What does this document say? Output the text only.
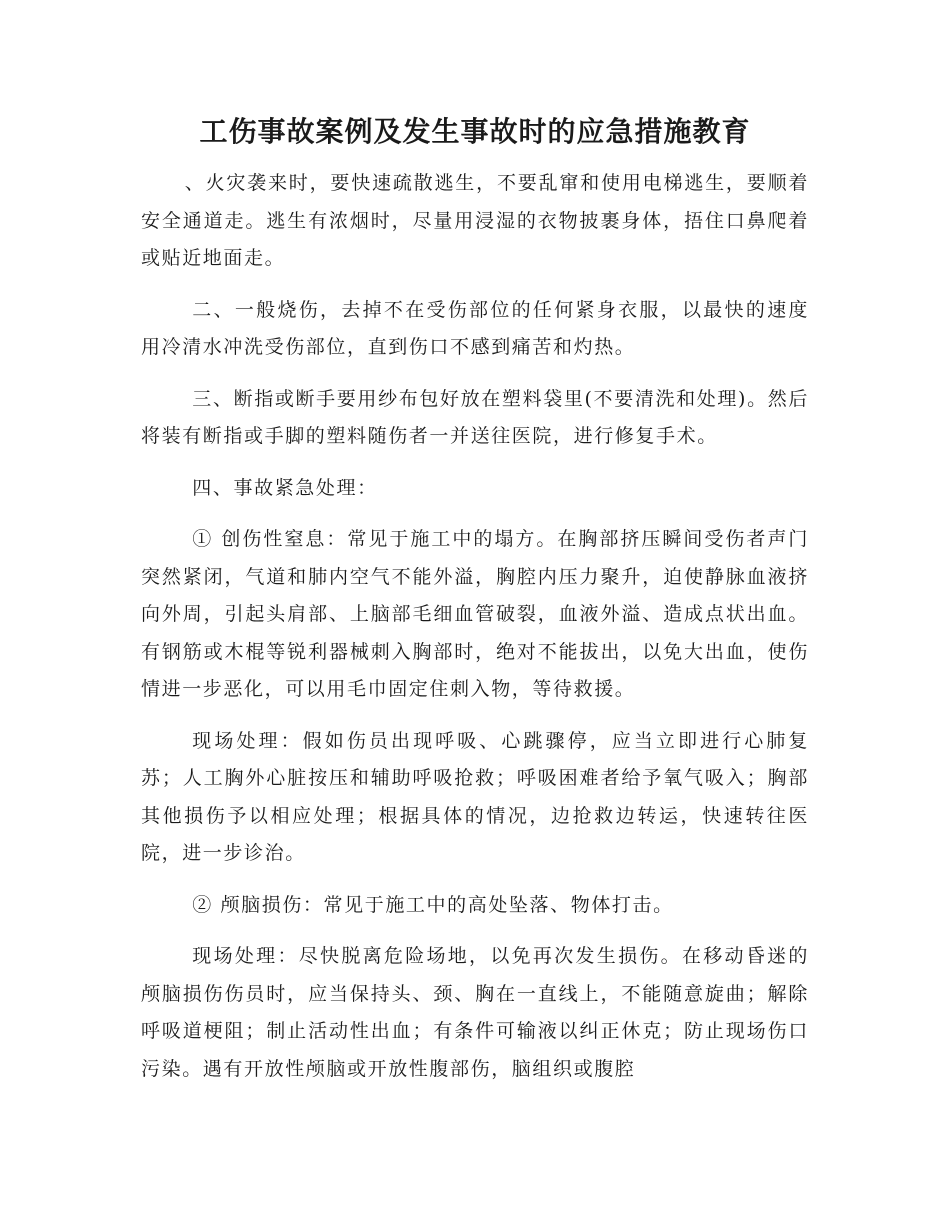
工伤事故案例及发生事故时的应急措施教育

、火灾袭来时，要快速疏散逃生，不要乱窜和使用电梯逃生，要顺着安全通道走。逃生有浓烟时，尽量用浸湿的衣物披裹身体，捂住口鼻爬着或贴近地面走。

二、一般烧伤，去掉不在受伤部位的任何紧身衣服，以最快的速度用冷清水冲洗受伤部位，直到伤口不感到痛苦和灼热。

三、断指或断手要用纱布包好放在塑料袋里(不要清洗和处理)。然后将装有断指或手脚的塑料随伤者一并送往医院，进行修复手术。

四、事故紧急处理：

① 创伤性窒息：常见于施工中的塌方。在胸部挤压瞬间受伤者声门突然紧闭，气道和肺内空气不能外溢，胸腔内压力聚升，迫使静脉血液挤向外周，引起头肩部、上脑部毛细血管破裂，血液外溢、造成点状出血。有钢筋或木棍等锐利器械刺入胸部时，绝对不能拔出，以免大出血，使伤情进一步恶化，可以用毛巾固定住刺入物，等待救援。

现场处理：假如伤员出现呼吸、心跳骤停，应当立即进行心肺复苏；人工胸外心脏按压和辅助呼吸抢救；呼吸困难者给予氧气吸入；胸部其他损伤予以相应处理；根据具体的情况，边抢救边转运，快速转往医院，进一步诊治。

② 颅脑损伤：常见于施工中的高处坠落、物体打击。

现场处理：尽快脱离危险场地，以免再次发生损伤。在移动昏迷的颅脑损伤伤员时，应当保持头、颈、胸在一直线上，不能随意旋曲；解除呼吸道梗阻；制止活动性出血；有条件可输液以纠正休克；防止现场伤口污染。遇有开放性颅脑或开放性腹部伤，脑组织或腹腔
